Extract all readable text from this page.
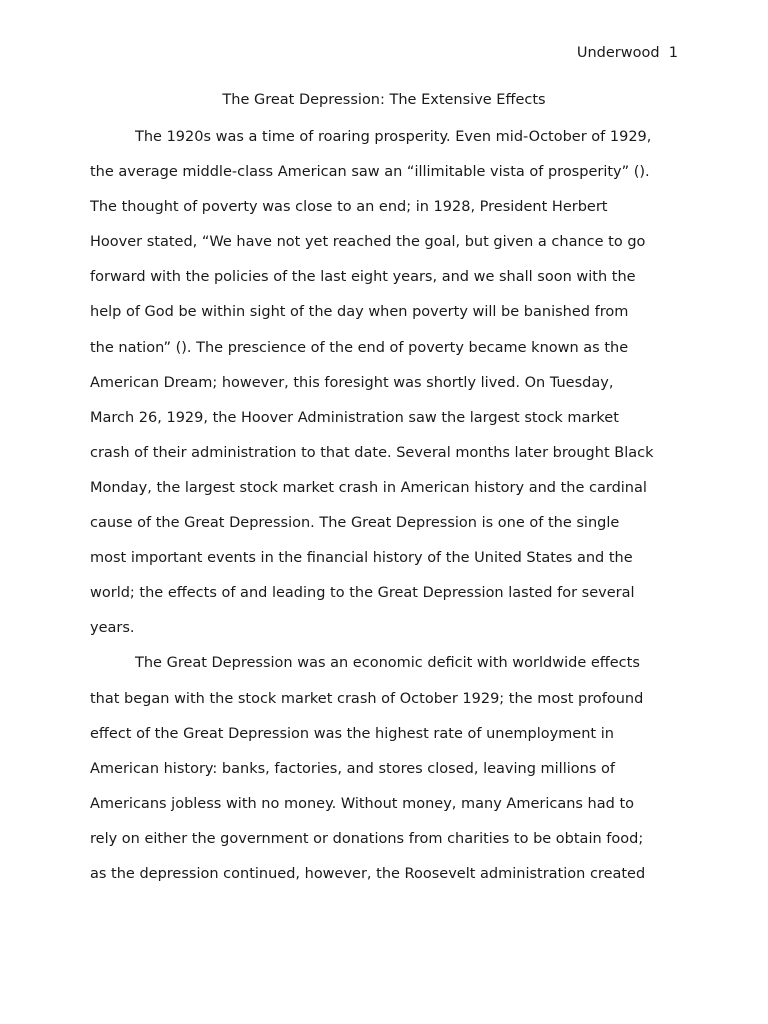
Underwood 1
The Great Depression: The Extensive Effects

The 1920s was a time of roaring prosperity. Even mid-October of 1929,
the average middle-class American saw an “illimitable vista of prosperity” ().
The thought of poverty was close to an end; in 1928, President Herbert
Hoover stated, “We have not yet reached the goal, but given a chance to go
forward with the policies of the last eight years, and we shall soon with the
help of God be within sight of the day when poverty will be banished from
the nation” (). The prescience of the end of poverty became known as the
American Dream; however, this foresight was shortly lived. On Tuesday,
March 26, 1929, the Hoover Administration saw the largest stock market
crash of their administration to that date. Several months later brought Black
Monday, the largest stock market crash in American history and the cardinal
cause of the Great Depression. The Great Depression is one of the single
most important events in the financial history of the United States and the
world; the effects of and leading to the Great Depression lasted for several
years.

The Great Depression was an economic deficit with worldwide effects
that began with the stock market crash of October 1929; the most profound
effect of the Great Depression was the highest rate of unemployment in
American history: banks, factories, and stores closed, leaving millions of
Americans jobless with no money. Without money, many Americans had to
rely on either the government or donations from charities to be obtain food;
as the depression continued, however, the Roosevelt administration created
